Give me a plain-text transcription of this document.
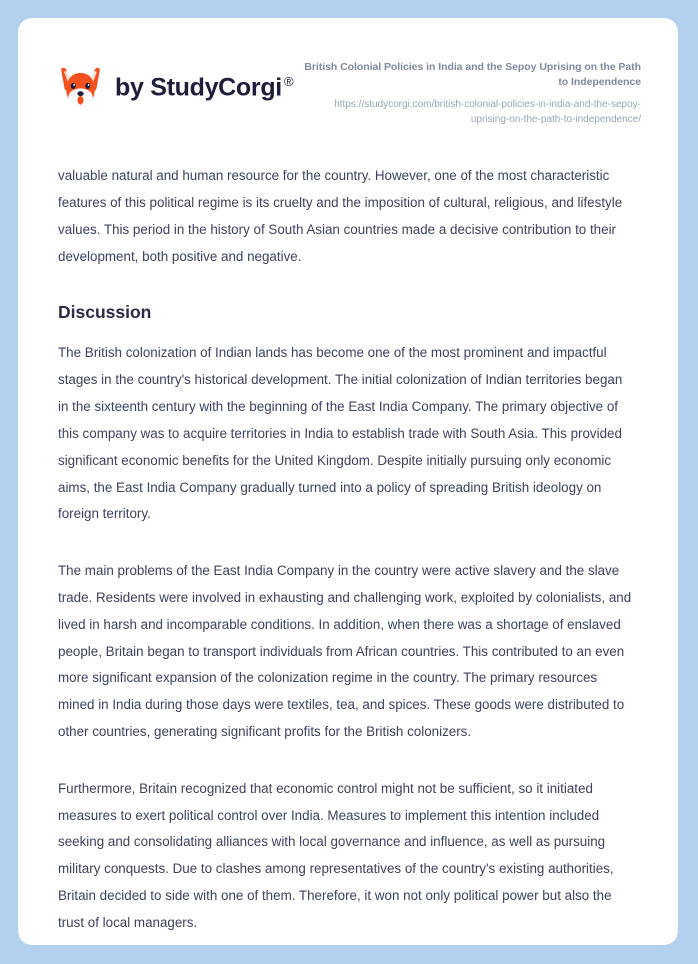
by StudyCorgi ®
British Colonial Policies in India and the Sepoy Uprising on the Path to Independence
https://studycorgi.com/british-colonial-policies-in-india-and-the-sepoy-uprising-on-the-path-to-independence/

valuable natural and human resource for the country. However, one of the most characteristic features of this political regime is its cruelty and the imposition of cultural, religious, and lifestyle values. This period in the history of South Asian countries made a decisive contribution to their development, both positive and negative.

Discussion

The British colonization of Indian lands has become one of the most prominent and impactful stages in the country's historical development. The initial colonization of Indian territories began in the sixteenth century with the beginning of the East India Company. The primary objective of this company was to acquire territories in India to establish trade with South Asia. This provided significant economic benefits for the United Kingdom. Despite initially pursuing only economic aims, the East India Company gradually turned into a policy of spreading British ideology on foreign territory.

The main problems of the East India Company in the country were active slavery and the slave trade. Residents were involved in exhausting and challenging work, exploited by colonialists, and lived in harsh and incomparable conditions. In addition, when there was a shortage of enslaved people, Britain began to transport individuals from African countries. This contributed to an even more significant expansion of the colonization regime in the country. The primary resources mined in India during those days were textiles, tea, and spices. These goods were distributed to other countries, generating significant profits for the British colonizers.

Furthermore, Britain recognized that economic control might not be sufficient, so it initiated measures to exert political control over India. Measures to implement this intention included seeking and consolidating alliances with local governance and influence, as well as pursuing military conquests. Due to clashes among representatives of the country's existing authorities, Britain decided to side with one of them. Therefore, it won not only political power but also the trust of local managers.
